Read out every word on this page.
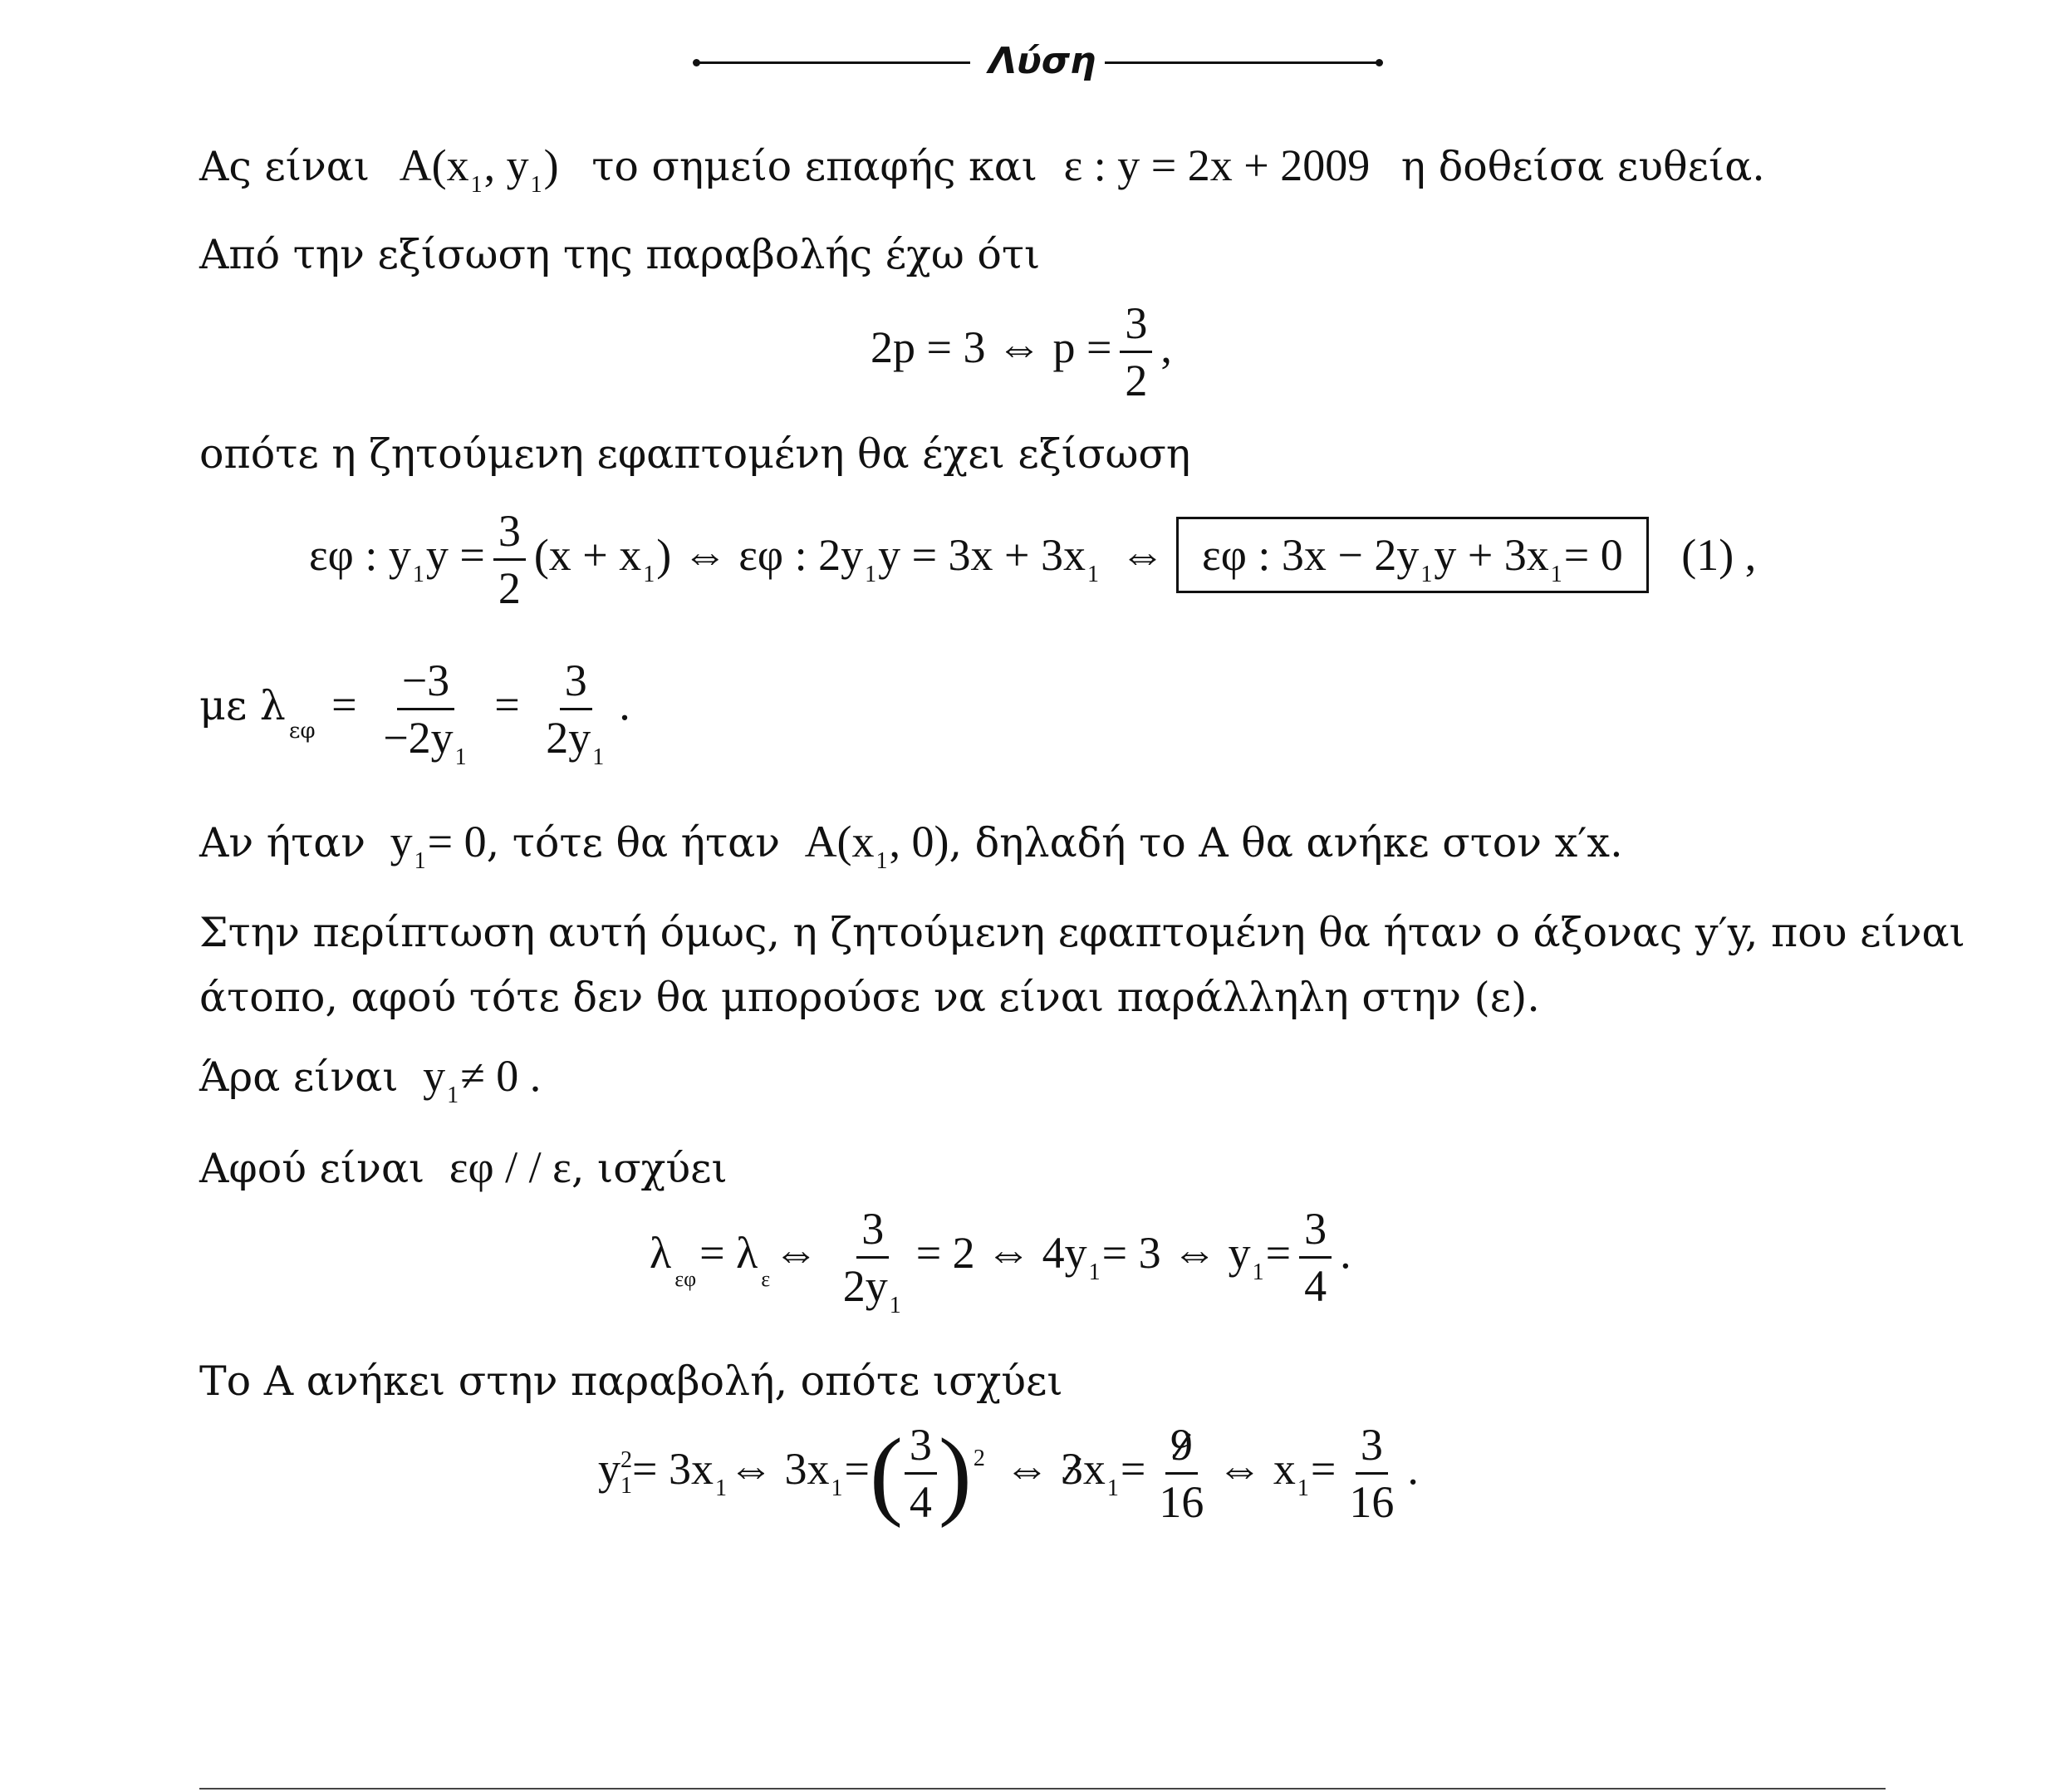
Λύση
Ας είναι $A(x_1$, $y_1$) το σημείο επαφής και ε : y = 2x + 2009 η δοθείσα ευθεία.
Από την εξίσωση της παραβολής έχω ότι
2p = 3 ⇔ $p = \frac{3}{2}$ ,
οπότε η ζητούμενη εφαπτομένη θα έχει εξίσωση
εφ : $y_1y = \frac{3}{2} (x + x_1)$ ⇔ εφ : $2y_1y = 3x + 3x_1$ ⇔ εφ : $3x - 2y_1y + 3x_1= 0$ (1) ,
με $\lambda_{\varepsilon\varphi} = \frac{-3}{-2y_1} = \frac{3}{2y_1}$ .
Αν ήταν $y_1= 0$, τότε θα ήταν $A(x_1$, 0), δηλαδή το A θα ανήκε στον x′x.
Στην περίπτωση αυτή όμως, η ζητούμενη εφαπτομένη θα ήταν ο άξονας y′y, που είναι
άτοπο, αφού τότε δεν θα μπορούσε να είναι παράλληλη στην (ε).
Άρα είναι $y_1\ne 0$ .
Αφού είναι εφ / / ε, ισχύει
$\lambda_{\varepsilon\varphi}=$ $\lambda_\varepsilon\Leftrightarrow \frac{3}{2y_1} = 2$ ⇔ $4y_1= 3$ ⇔ $y_1= \frac{3}{4}$ .
Το A ανήκει στην παραβολή, οπότε ισχύει
y 2
$1 = 3x_1\Leftrightarrow$ $3x_1=( \frac{3}{4} )^2$ ⇔ $3x_1= \frac{9}{16}$ ⇔ $x_1= \frac{3}{16}$ .
